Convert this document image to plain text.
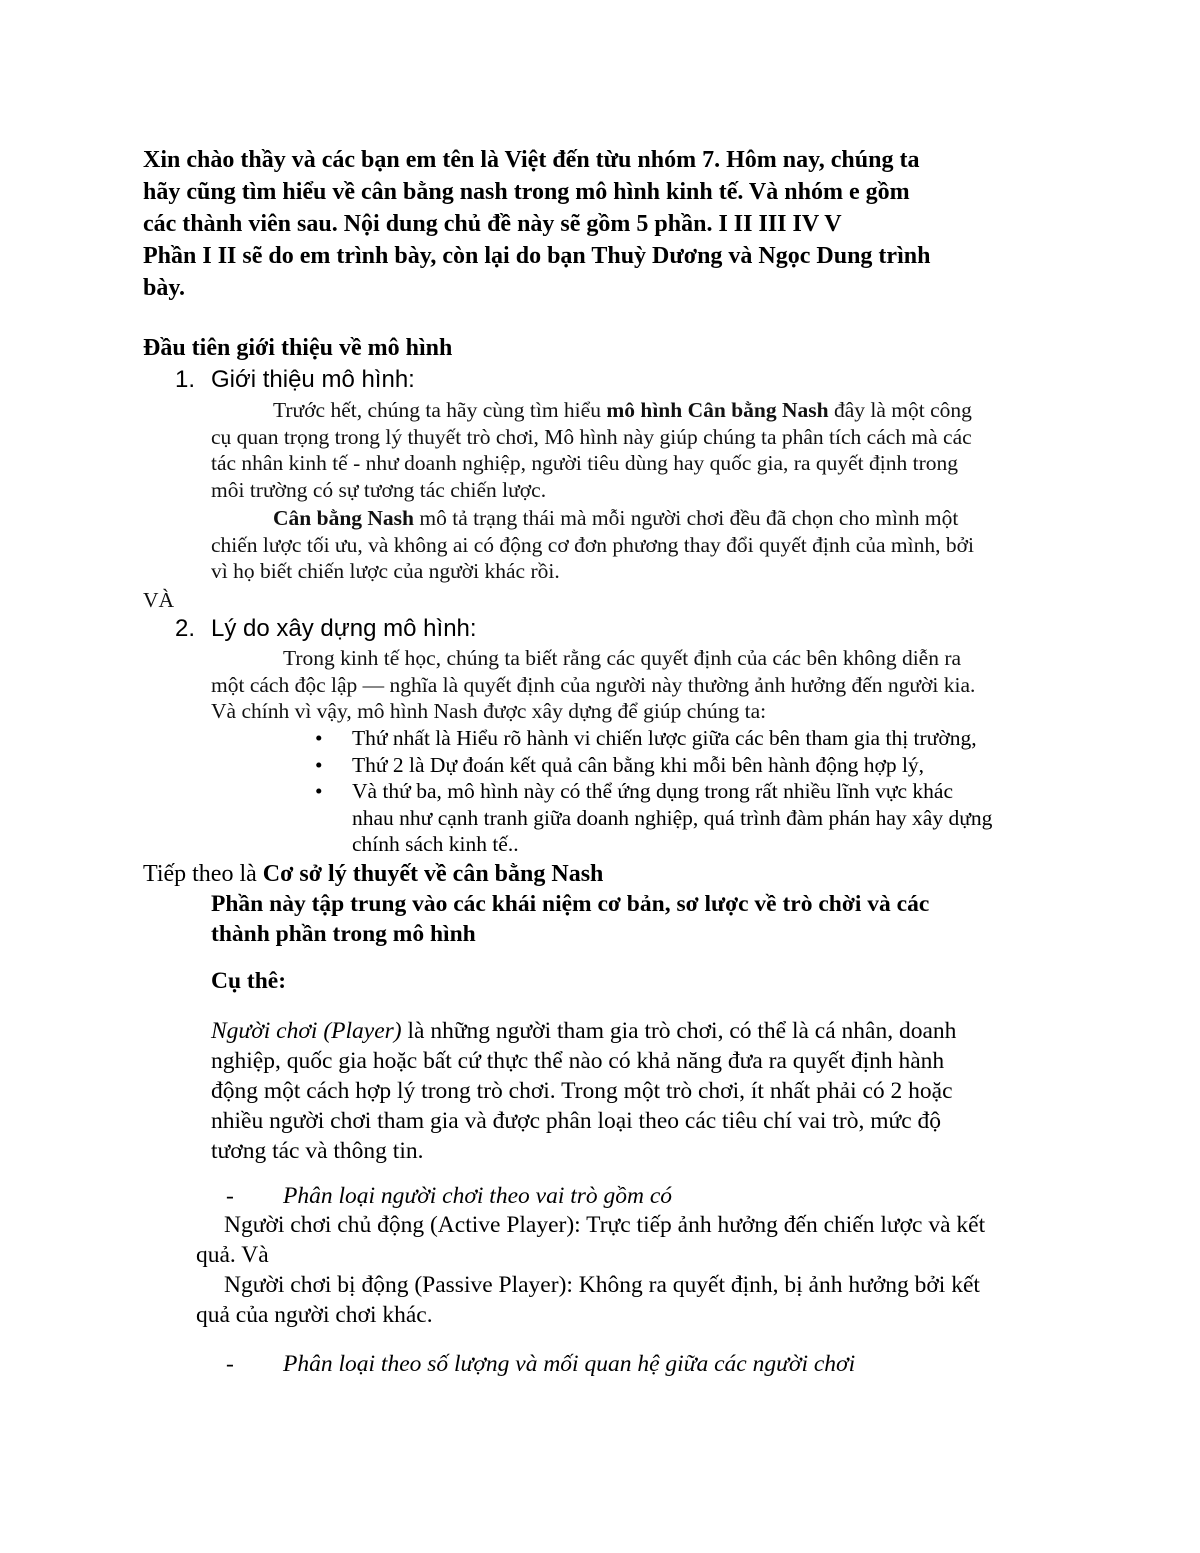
Xin chào thầy và các bạn em tên là Việt đến từu nhóm 7. Hôm nay, chúng ta
hãy cũng tìm hiểu về cân bằng nash trong mô hình kinh tế. Và nhóm e gồm
các thành viên sau. Nội dung chủ đề này sẽ gồm 5 phần. I II III IV V
Phần I II sẽ do em trình bày, còn lại do bạn Thuỳ Dương và Ngọc Dung trình
bày.
Đầu tiên giới thiệu về mô hình
1. Giới thiệu mô hình:
Trước hết, chúng ta hãy cùng tìm hiểu mô hình Cân bằng Nash đây là một công
cụ quan trọng trong lý thuyết trò chơi, Mô hình này giúp chúng ta phân tích cách mà các
tác nhân kinh tế - như doanh nghiệp, người tiêu dùng hay quốc gia, ra quyết định trong
môi trường có sự tương tác chiến lược.
Cân bằng Nash mô tả trạng thái mà mỗi người chơi đều đã chọn cho mình một
chiến lược tối ưu, và không ai có động cơ đơn phương thay đổi quyết định của mình, bởi
vì họ biết chiến lược của người khác rồi.
VÀ
2. Lý do xây dựng mô hình:
Trong kinh tế học, chúng ta biết rằng các quyết định của các bên không diễn ra
một cách độc lập — nghĩa là quyết định của người này thường ảnh hưởng đến người kia.
Và chính vì vậy, mô hình Nash được xây dựng để giúp chúng ta:
• Thứ nhất là Hiểu rõ hành vi chiến lược giữa các bên tham gia thị trường,
• Thứ 2 là Dự đoán kết quả cân bằng khi mỗi bên hành động hợp lý,
• Và thứ ba, mô hình này có thể ứng dụng trong rất nhiều lĩnh vực khác
nhau như cạnh tranh giữa doanh nghiệp, quá trình đàm phán hay xây dựng
chính sách kinh tế..
Tiếp theo là Cơ sở lý thuyết về cân bằng Nash
Phần này tập trung vào các khái niệm cơ bản, sơ lược về trò chời và các
thành phần trong mô hình
Cụ thê:
Người chơi (Player) là những người tham gia trò chơi, có thể là cá nhân, doanh
nghiệp, quốc gia hoặc bất cứ thực thể nào có khả năng đưa ra quyết định hành
động một cách hợp lý trong trò chơi. Trong một trò chơi, ít nhất phải có 2 hoặc
nhiều người chơi tham gia và được phân loại theo các tiêu chí vai trò, mức độ
tương tác và thông tin.
- Phân loại người chơi theo vai trò gồm có
Người chơi chủ động (Active Player): Trực tiếp ảnh hưởng đến chiến lược và kết
quả. Và
Người chơi bị động (Passive Player): Không ra quyết định, bị ảnh hưởng bởi kết
quả của người chơi khác.
- Phân loại theo số lượng và mối quan hệ giữa các người chơi
